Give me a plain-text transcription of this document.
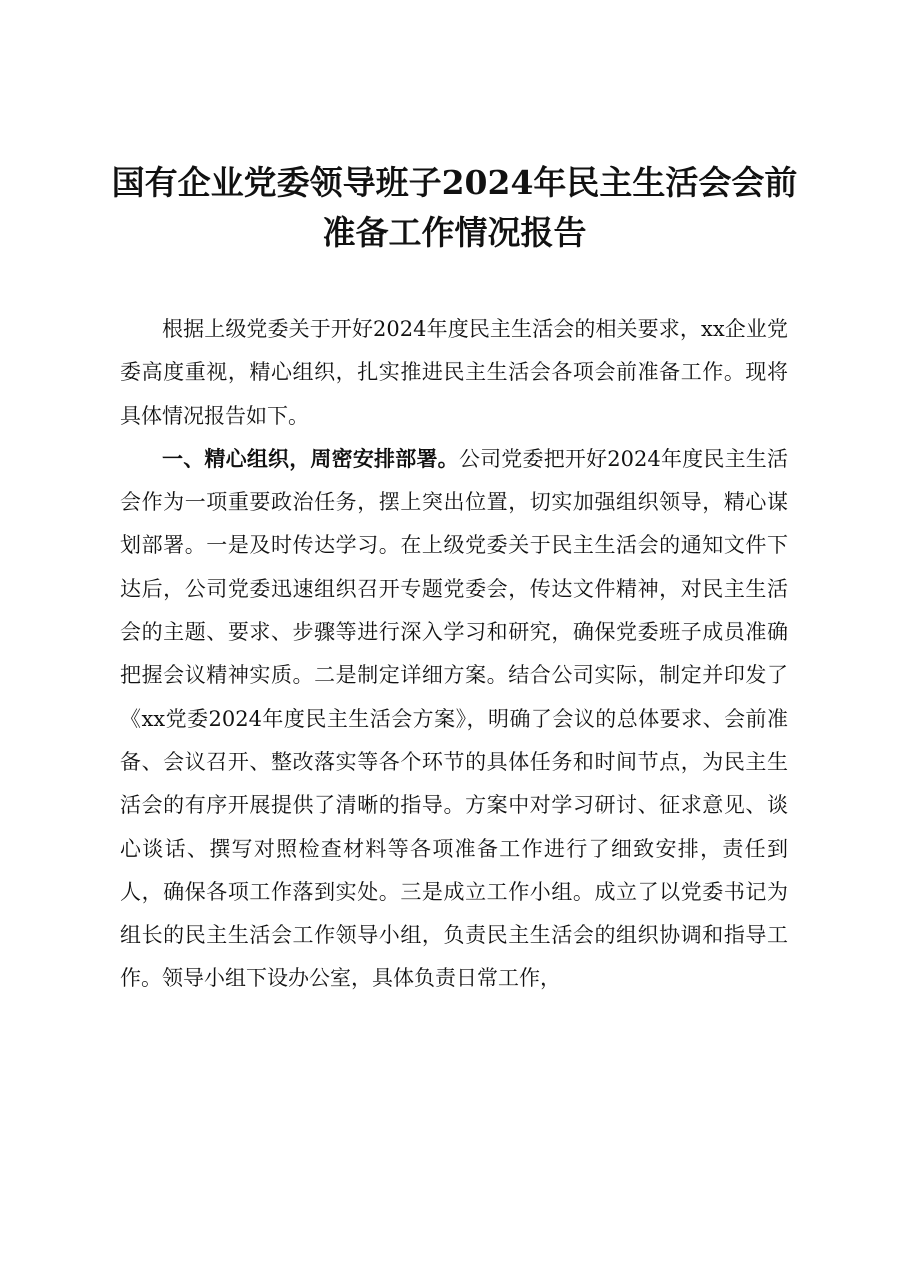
国有企业党委领导班子2024年民主生活会会前
准备工作情况报告

根据上级党委关于开好2024年度民主生活会的相关要求，xx企业党委高度重视，精心组织，扎实推进民主生活会各项会前准备工作。现将具体情况报告如下。

一、精心组织，周密安排部署。公司党委把开好2024年度民主生活会作为一项重要政治任务，摆上突出位置，切实加强组织领导，精心谋划部署。一是及时传达学习。在上级党委关于民主生活会的通知文件下达后，公司党委迅速组织召开专题党委会，传达文件精神，对民主生活会的主题、要求、步骤等进行深入学习和研究，确保党委班子成员准确把握会议精神实质。二是制定详细方案。结合公司实际，制定并印发了《xx党委2024年度民主生活会方案》，明确了会议的总体要求、会前准备、会议召开、整改落实等各个环节的具体任务和时间节点，为民主生活会的有序开展提供了清晰的指导。方案中对学习研讨、征求意见、谈心谈话、撰写对照检查材料等各项准备工作进行了细致安排，责任到人，确保各项工作落到实处。三是成立工作小组。成立了以党委书记为组长的民主生活会工作领导小组，负责民主生活会的组织协调和指导工作。领导小组下设办公室，具体负责日常工作，
